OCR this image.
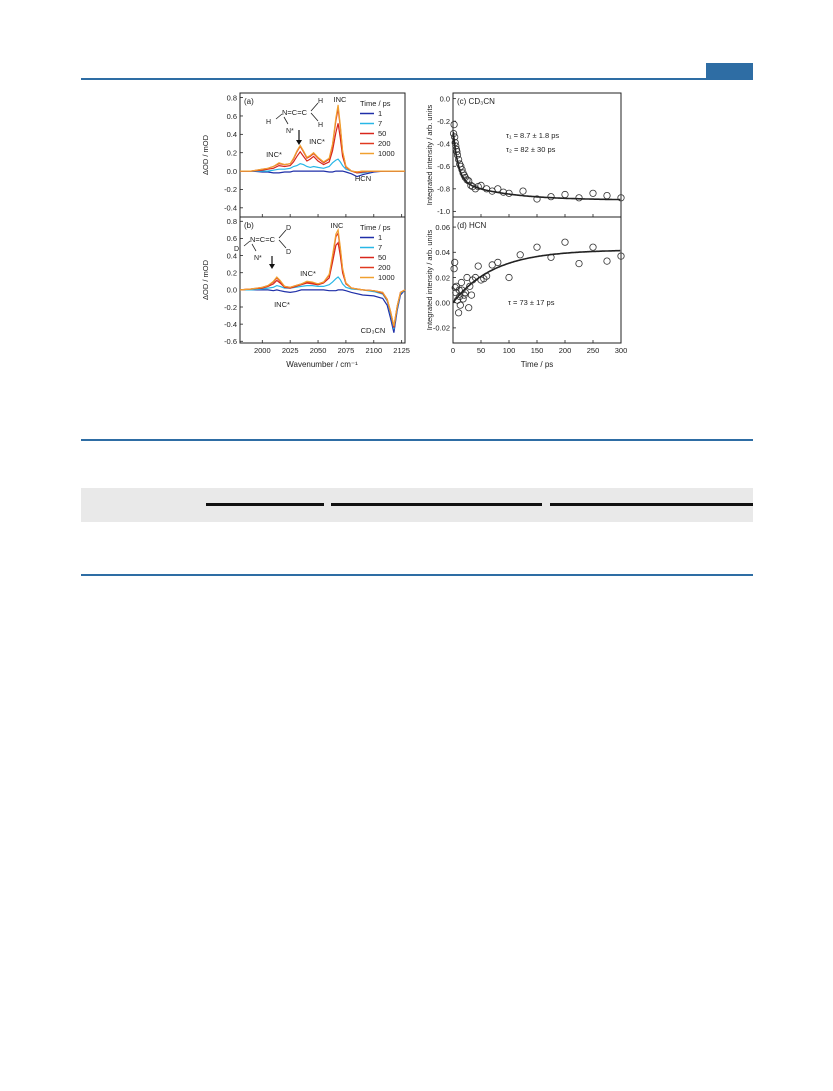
0.8
0.6
0.4
0.2
0.0
-0.2
-0.4
0.8
0.6
0.4
0.2
0.0
-0.2
-0.4
-0.6
2000 2025 2050 2075 2100 2125
ΔOD / mOD
ΔOD / mOD
Wavenumber / cm⁻¹
(a)
(b)
Time / ps
1
7
50
200
1000
Time / ps
1
7
50
200
1000
INC
INC*
INC*
HCN
INC
INC*
INC*
CD₃CN
N=C=C
H
H
H
N*
N=C=C
D
D
D
N*
0.0
-0.2
-0.4
-0.6
-0.8
-1.0
0.06
0.04
0.02
0.00
-0.02
0	50 100 150 200 250 300
Integrated intensity / arb. units
Integrated intensity / arb. units
Time / ps
(c) CD₃CN
(d) HCN
τ₁ = 8.7 ± 1.8 ps
τ₂ = 82 ± 30 ps
τ = 73 ± 17 ps
